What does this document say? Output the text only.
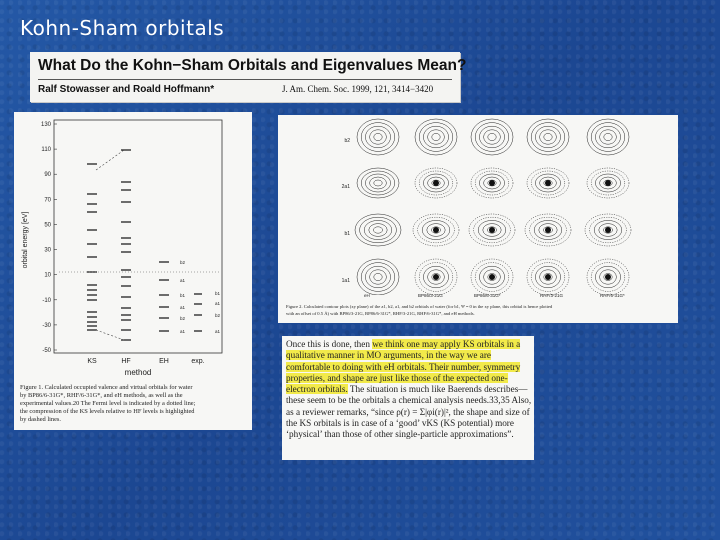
Kohn-Sham orbitals
What Do the Kohn−Sham Orbitals and Eigenvalues Mean?
Ralf Stowasser and Roald Hoffmann*	J. Am. Chem. Soc. 1999, 121, 3414−3420
130
110
90
70
50
30
10
-10
-30
-50
orbital energy [eV]
KS	HF	EH	exp.
method
b2
a1
b1
a1
b2
a1
b1
a1
b2
a1
Figure 1. Calculated occupied valence and virtual orbitals for water
by BP86/6-31G*, RHF/6-31G*, and eH methods, as well as the
experimental values.20 The Fermi level is indicated by a dotted line;
the compression of the KS levels relative to HF levels is highlighted
by dashed lines.
b2
2a1
b1
1a1
eH	BP86/3-21G	BP86/6-31G*	RHF/3-21G	RHF/6-31G*
Figure 2. Calculated contour plots (xy plane) of the a1, b2, a1, and b2 orbitals of water (for b1, Ψ = 0 in the xy plane, this orbital is hence plotted
with an offset of 0.5 Å) with BP86/3-21G, BP86/6-31G*, RHF/3-21G, RHF/6-31G*, and eH methods.

Once this is done, then we think one may apply KS orbitals in a qualitative manner in MO arguments, in the way we are comfortable to doing with eH orbitals. Their number, symmetry properties, and shape are just like those of the expected one-electron orbitals. The situation is much like Baerends describes—these seem to be the orbitals a chemical analysis needs.33,35 Also, as a reviewer remarks, “since ρ(r) = Σ|φi(r)|², the shape and size of the KS orbitals is in case of a ‘good’ vKS (KS potential) more ‘physical’ than those of other single-particle approximations”.
